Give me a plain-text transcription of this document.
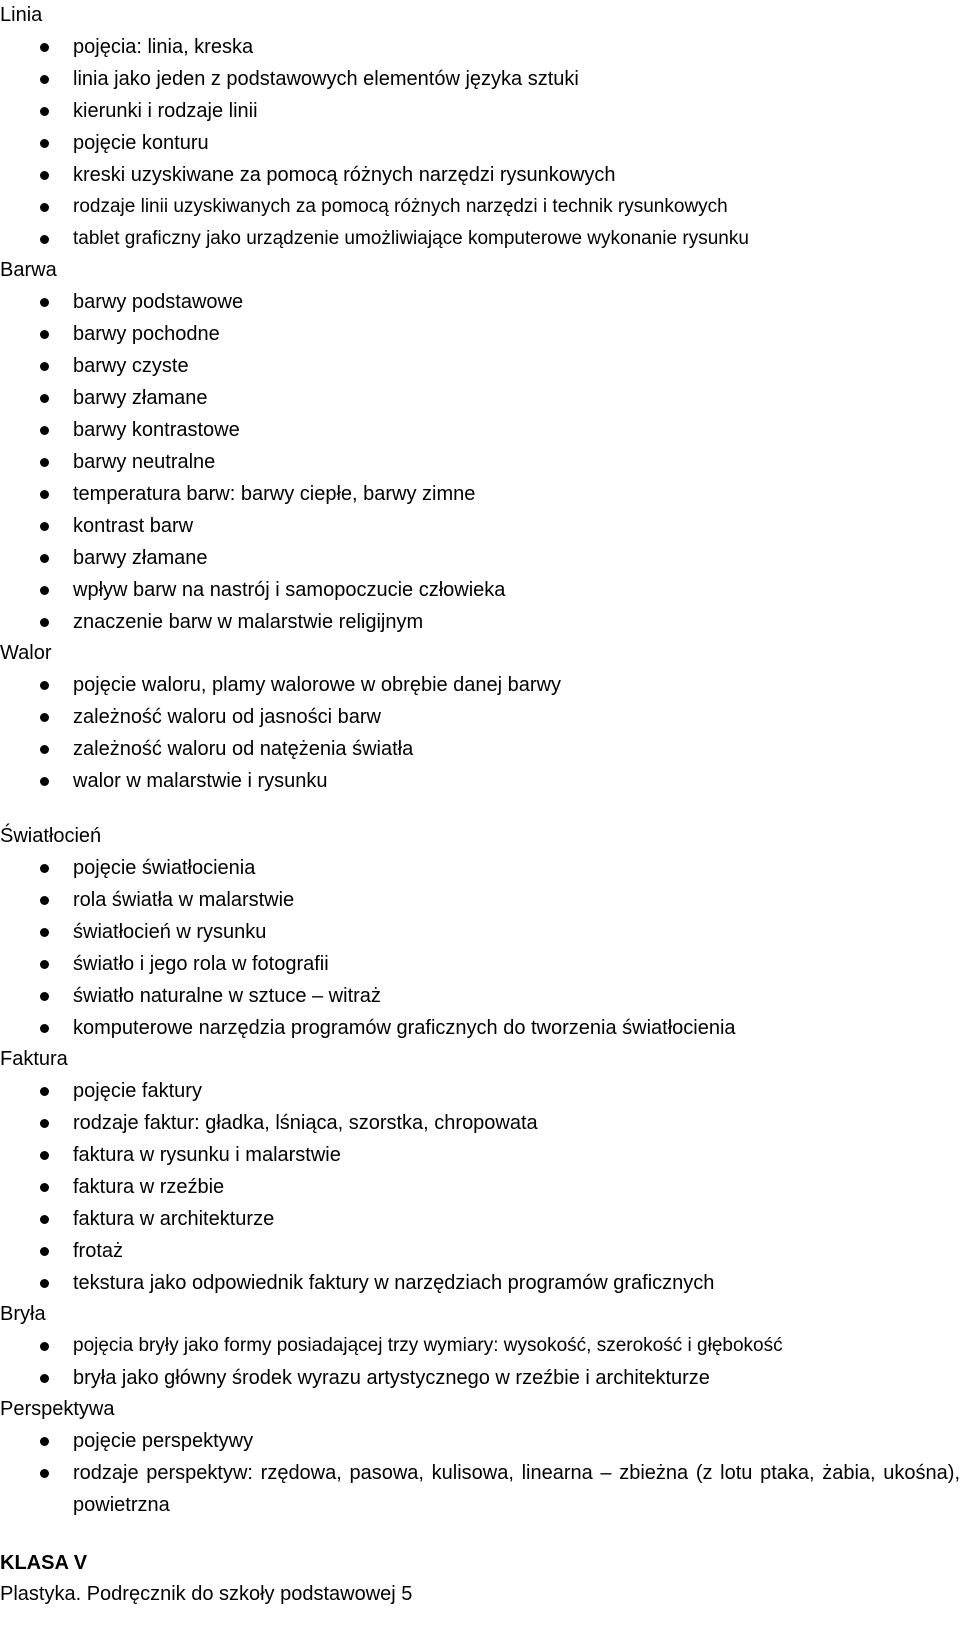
Linia
pojęcia: linia, kreska
linia jako jeden z podstawowych elementów języka sztuki
kierunki i rodzaje linii
pojęcie konturu
kreski uzyskiwane za pomocą różnych narzędzi rysunkowych
rodzaje linii uzyskiwanych za pomocą różnych narzędzi i technik rysunkowych
tablet graficzny jako urządzenie umożliwiające komputerowe wykonanie rysunku
Barwa
barwy podstawowe
barwy pochodne
barwy czyste
barwy złamane
barwy kontrastowe
barwy neutralne
temperatura barw: barwy ciepłe, barwy zimne
kontrast barw
barwy złamane
wpływ barw na nastrój i samopoczucie człowieka
znaczenie barw w malarstwie religijnym
Walor
pojęcie waloru, plamy walorowe w obrębie danej barwy
zależność waloru od jasności barw
zależność waloru od natężenia światła
walor w malarstwie i rysunku
Światłocień
pojęcie światłocienia
rola światła w malarstwie
światłocień w rysunku
światło i jego rola w fotografii
światło naturalne w sztuce – witraż
komputerowe narzędzia programów graficznych do tworzenia światłocienia
Faktura
pojęcie faktury
rodzaje faktur: gładka, lśniąca, szorstka, chropowata
faktura w rysunku i malarstwie
faktura w rzeźbie
faktura w architekturze
frotaż
tekstura jako odpowiednik faktury w narzędziach programów graficznych
Bryła
pojęcia bryły jako formy posiadającej trzy wymiary: wysokość, szerokość i głębokość
bryła jako główny środek wyrazu artystycznego w rzeźbie i architekturze
Perspektywa
pojęcie perspektywy
rodzaje perspektyw: rzędowa, pasowa, kulisowa, linearna – zbieżna (z lotu ptaka, żabia, ukośna), powietrzna
KLASA V
Plastyka. Podręcznik do szkoły podstawowej 5
